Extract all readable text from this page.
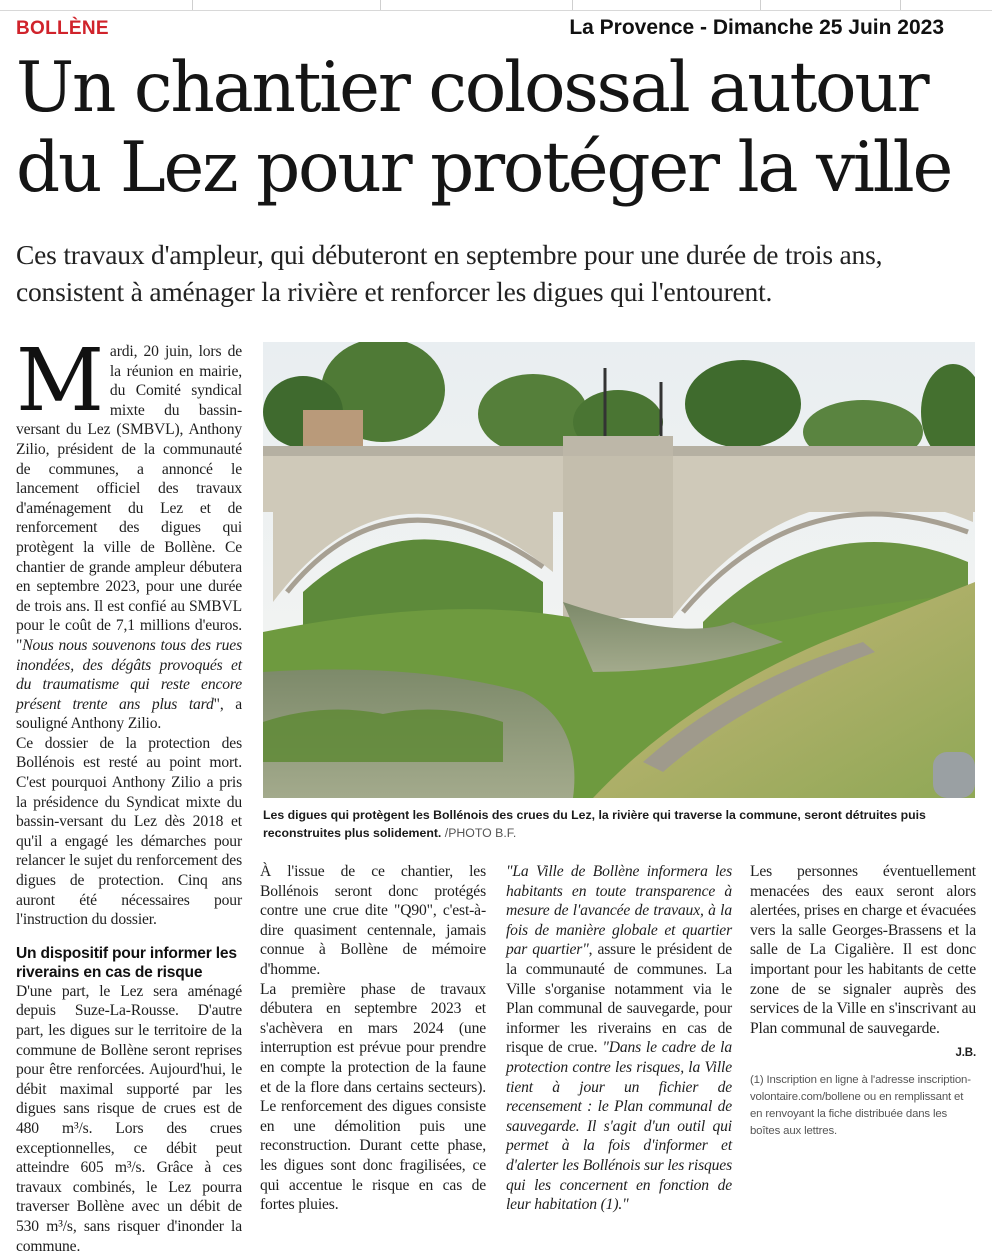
BOLLÈNE	La Provence - Dimanche 25 Juin 2023
Un chantier colossal autour du Lez pour protéger la ville

Ces travaux d'ampleur, qui débuteront en septembre pour une durée de trois ans, consistent à aménager la rivière et renforcer les digues qui l'entourent.

Mardi, 20 juin, lors de la réunion en mairie, du Comité syndical mixte du bassin-versant du Lez (SMBVL), Anthony Zilio, président de la communauté de communes, a annoncé le lancement officiel des travaux d'aménagement du Lez et de renforcement des digues qui protègent la ville de Bollène. Ce chantier de grande ampleur débutera en septembre 2023, pour une durée de trois ans. Il est confié au SMBVL pour le coût de 7,1 millions d'euros. "Nous nous souvenons tous des rues inondées, des dégâts provoqués et du traumatisme qui reste encore présent trente ans plus tard", a souligné Anthony Zilio.

Ce dossier de la protection des Bollénois est resté au point mort. C'est pourquoi Anthony Zilio a pris la présidence du Syndicat mixte du bassin-versant du Lez dès 2018 et qu'il a engagé les démarches pour relancer le sujet du renforcement des digues de protection. Cinq ans auront été nécessaires pour l'instruction du dossier.

Un dispositif pour informer les riverains en cas de risque

D'une part, le Lez sera aménagé depuis Suze-La-Rousse. D'autre part, les digues sur le territoire de la commune de Bollène seront reprises pour être renforcées. Aujourd'hui, le débit maximal supporté par les digues sans risque de crues est de 480 m³/s. Lors des crues exceptionnelles, ce débit peut atteindre 605 m³/s. Grâce à ces travaux combinés, le Lez pourra traverser Bollène avec un débit de 530 m³/s, sans risquer d'inonder la commune.

Les digues qui protègent les Bollénois des crues du Lez, la rivière qui traverse la commune, seront détruites puis reconstruites plus solidement. /PHOTO B.F.

À l'issue de ce chantier, les Bollénois seront donc protégés contre une crue dite "Q90", c'est-à-dire quasiment centennale, jamais connue à Bollène de mémoire d'homme.

La première phase de travaux débutera en septembre 2023 et s'achèvera en mars 2024 (une interruption est prévue pour prendre en compte la protection de la faune et de la flore dans certains secteurs). Le renforcement des digues consiste en une démolition puis une reconstruction. Durant cette phase, les digues sont donc fragilisées, ce qui accentue le risque en cas de fortes pluies.

"La Ville de Bollène informera les habitants en toute transparence à mesure de l'avancée de travaux, à la fois de manière globale et quartier par quartier", assure le président de la communauté de communes. La Ville s'organise notamment via le Plan communal de sauvegarde, pour informer les riverains en cas de risque de crue. "Dans le cadre de la protection contre les risques, la Ville tient à jour un fichier de recensement : le Plan communal de sauvegarde. Il s'agit d'un outil qui permet à la fois d'informer et d'alerter les Bollénois sur les risques qui les concernent en fonction de leur habitation (1)."

Les personnes éventuellement menacées des eaux seront alors alertées, prises en charge et évacuées vers la salle Georges-Brassens et la salle de La Cigalière. Il est donc important pour les habitants de cette zone de se signaler auprès des services de la Ville en s'inscrivant au Plan communal de sauvegarde.

J.B.
(1) Inscription en ligne à l'adresse inscription-volontaire.com/bollene ou en remplissant et en renvoyant la fiche distribuée dans les boîtes aux lettres.
